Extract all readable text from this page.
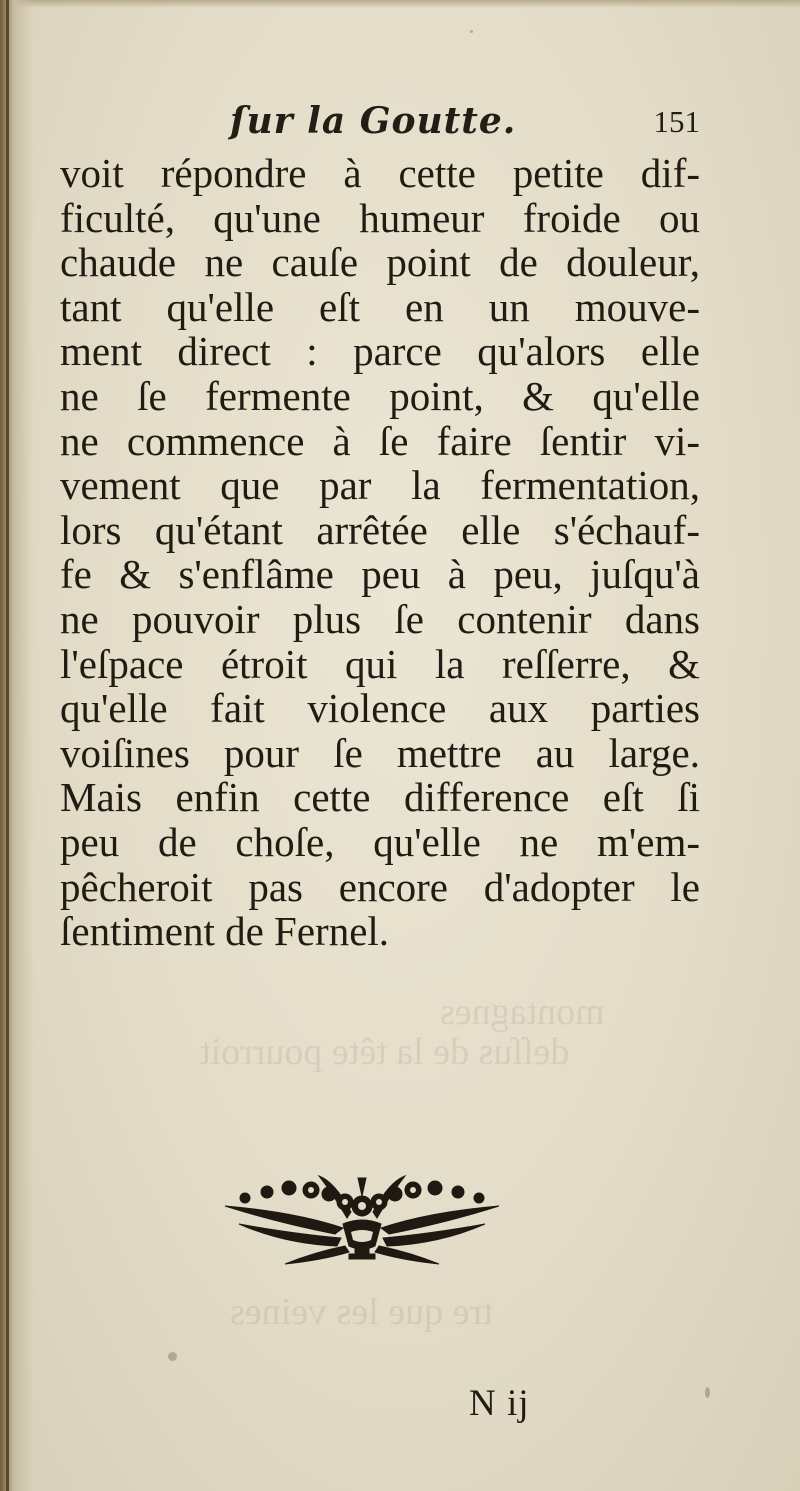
montagnes
deſſus de la tête pourroit
tre que les veines
ſur la Goutte.	151
voit répondre à cette petite dif-
ficulté, qu'une humeur froide ou
chaude ne cauſe point de douleur,
tant qu'elle eſt en un mouve-
ment direct : parce qu'alors elle
ne ſe fermente point, & qu'elle
ne commence à ſe faire ſentir vi-
vement que par la fermentation,
lors qu'étant arrêtée elle s'échauf-
fe & s'enflâme peu à peu, juſqu'à
ne pouvoir plus ſe contenir dans
l'eſpace étroit qui la reſſerre, &
qu'elle fait violence aux parties
voiſines pour ſe mettre au large.
Mais enfin cette difference eſt ſi
peu de choſe, qu'elle ne m'em-
pêcheroit pas encore d'adopter le
ſentiment de Fernel.
N ij
